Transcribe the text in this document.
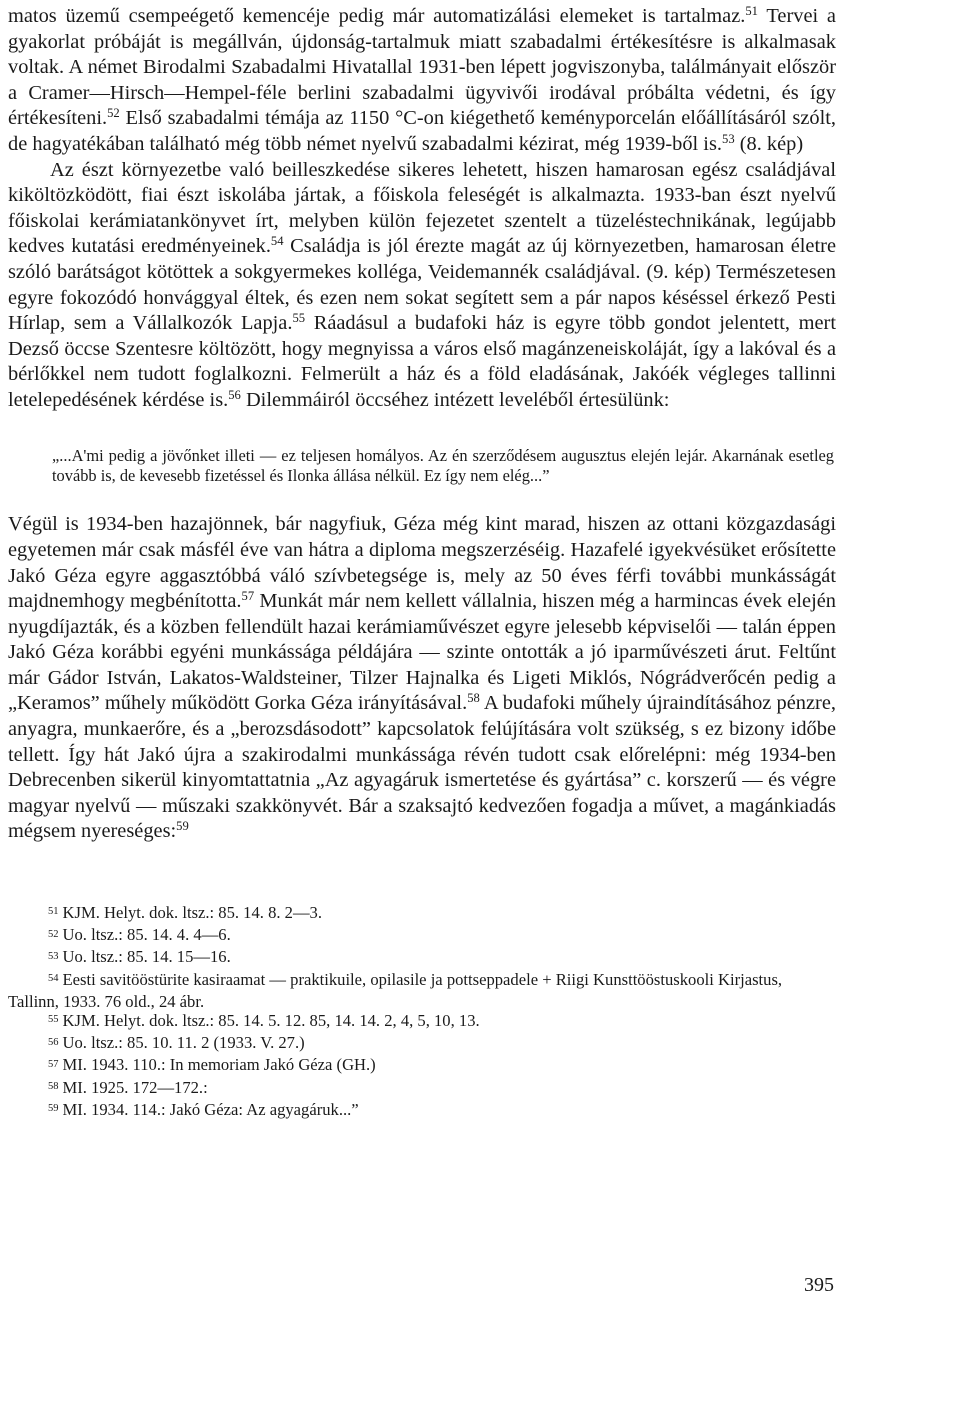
matos üzemű csempeégető kemencéje pedig már automatizálási elemeket is tartalmaz.$^{51}$ Tervei a gyakorlat próbáját is megállván, újdonság-tartalmuk miatt szabadalmi értékesítésre is alkalmasak voltak. A német Birodalmi Szabadalmi Hivatallal 1931-ben lépett jogviszonyba, találmányait először a Cramer—Hirsch—Hempel-féle berlini szabadalmi ügyvivői irodával próbálta védetni, és így értékesíteni.$^{52}$ Első szabadalmi témája az 1150 °C-on kiégethető keményporcelán előállításáról szólt, de hagyatékában található még több német nyelvű szabadalmi kézirat, még 1939-ből is.$^{53}$ (8. kép)

Az észt környezetbe való beilleszkedése sikeres lehetett, hiszen hamarosan egész családjával kiköltözködött, fiai észt iskolába jártak, a főiskola feleségét is alkalmazta. 1933-ban észt nyelvű főiskolai kerámiatankönyvet írt, melyben külön fejezetet szentelt a tüzeléstechnikának, legújabb kedves kutatási eredményeinek.$^{54}$ Családja is jól érezte magát az új környezetben, hamarosan életre szóló barátságot kötöttek a sokgyermekes kolléga, Veidemannék családjával. (9. kép) Természetesen egyre fokozódó honvággyal éltek, és ezen nem sokat segített sem a pár napos késéssel érkező Pesti Hírlap, sem a Vállalkozók Lapja.$^{55}$ Ráadásul a budafoki ház is egyre több gondot jelentett, mert Dezső öccse Szentesre költözött, hogy megnyissa a város első magánzeneiskoláját, így a lakóval és a bérlőkkel nem tudott foglalkozni. Felmerült a ház és a föld eladásának, Jakóék végleges tallinni letelepedésének kérdése is.$^{56}$ Dilemmáiról öccséhez intézett leveléből értesülünk:

„...A'mi pedig a jövőnket illeti — ez teljesen homályos. Az én szerződésem augusztus elején lejár. Akarnának esetleg tovább is, de kevesebb fizetéssel és Ilonka állása nélkül. Ez így nem elég...”

Végül is 1934-ben hazajönnek, bár nagyfiuk, Géza még kint marad, hiszen az ottani közgazdasági egyetemen már csak másfél éve van hátra a diploma megszerzéséig. Hazafelé igyekvésüket erősítette Jakó Géza egyre aggasztóbbá váló szívbetegsége is, mely az 50 éves férfi további munkásságát majdnemhogy megbénította.$^{57}$ Munkát már nem kellett vállalnia, hiszen még a harmincas évek elején nyugdíjazták, és a közben fellendült hazai kerámiaművészet egyre jelesebb képviselői — talán éppen Jakó Géza korábbi egyéni munkássága példájára — szinte ontották a jó iparművészeti árut. Feltűnt már Gádor István, Lakatos-Waldsteiner, Tilzer Hajnalka és Ligeti Miklós, Nógrádverőcén pedig a „Keramos” műhely működött Gorka Géza irányításával.$^{58}$ A budafoki műhely újraindításához pénzre, anyagra, munkaerőre, és a „berozsdásodott” kapcsolatok felújítására volt szükség, s ez bizony időbe tellett. Így hát Jakó újra a szakirodalmi munkássága révén tudott csak előrelépni: még 1934-ben Debrecenben sikerül kinyomtattatnia „Az agyagáruk ismertetése és gyártása” c. korszerű — és végre magyar nyelvű — műszaki szakkönyvét. Bár a szaksajtó kedvezően fogadja a művet, a magánkiadás mégsem nyereséges:$^{59}$

$^{51}$ KJM. Helyt. dok. ltsz.: 85. 14. 8. 2—3.

$^{52}$ Uo. ltsz.: 85. 14. 4. 4—6.

$^{53}$ Uo. ltsz.: 85. 14. 15—16.

$^{54}$ Eesti savitööstürite kasiraamat — praktikuile, opilasile ja pottseppadele + Riigi Kunsttööstuskooli Kirjastus, Tallinn, 1933. 76 old., 24 ábr.

$^{55}$ KJM. Helyt. dok. ltsz.: 85. 14. 5. 12. 85, 14. 14. 2, 4, 5, 10, 13.

$^{56}$ Uo. ltsz.: 85. 10. 11. 2 (1933. V. 27.)

$^{57}$ MI. 1943. 110.: In memoriam Jakó Géza (GH.)

$^{58}$ MI. 1925. 172—172.:

$^{59}$ MI. 1934. 114.: Jakó Géza: Az agyagáruk...”

395
